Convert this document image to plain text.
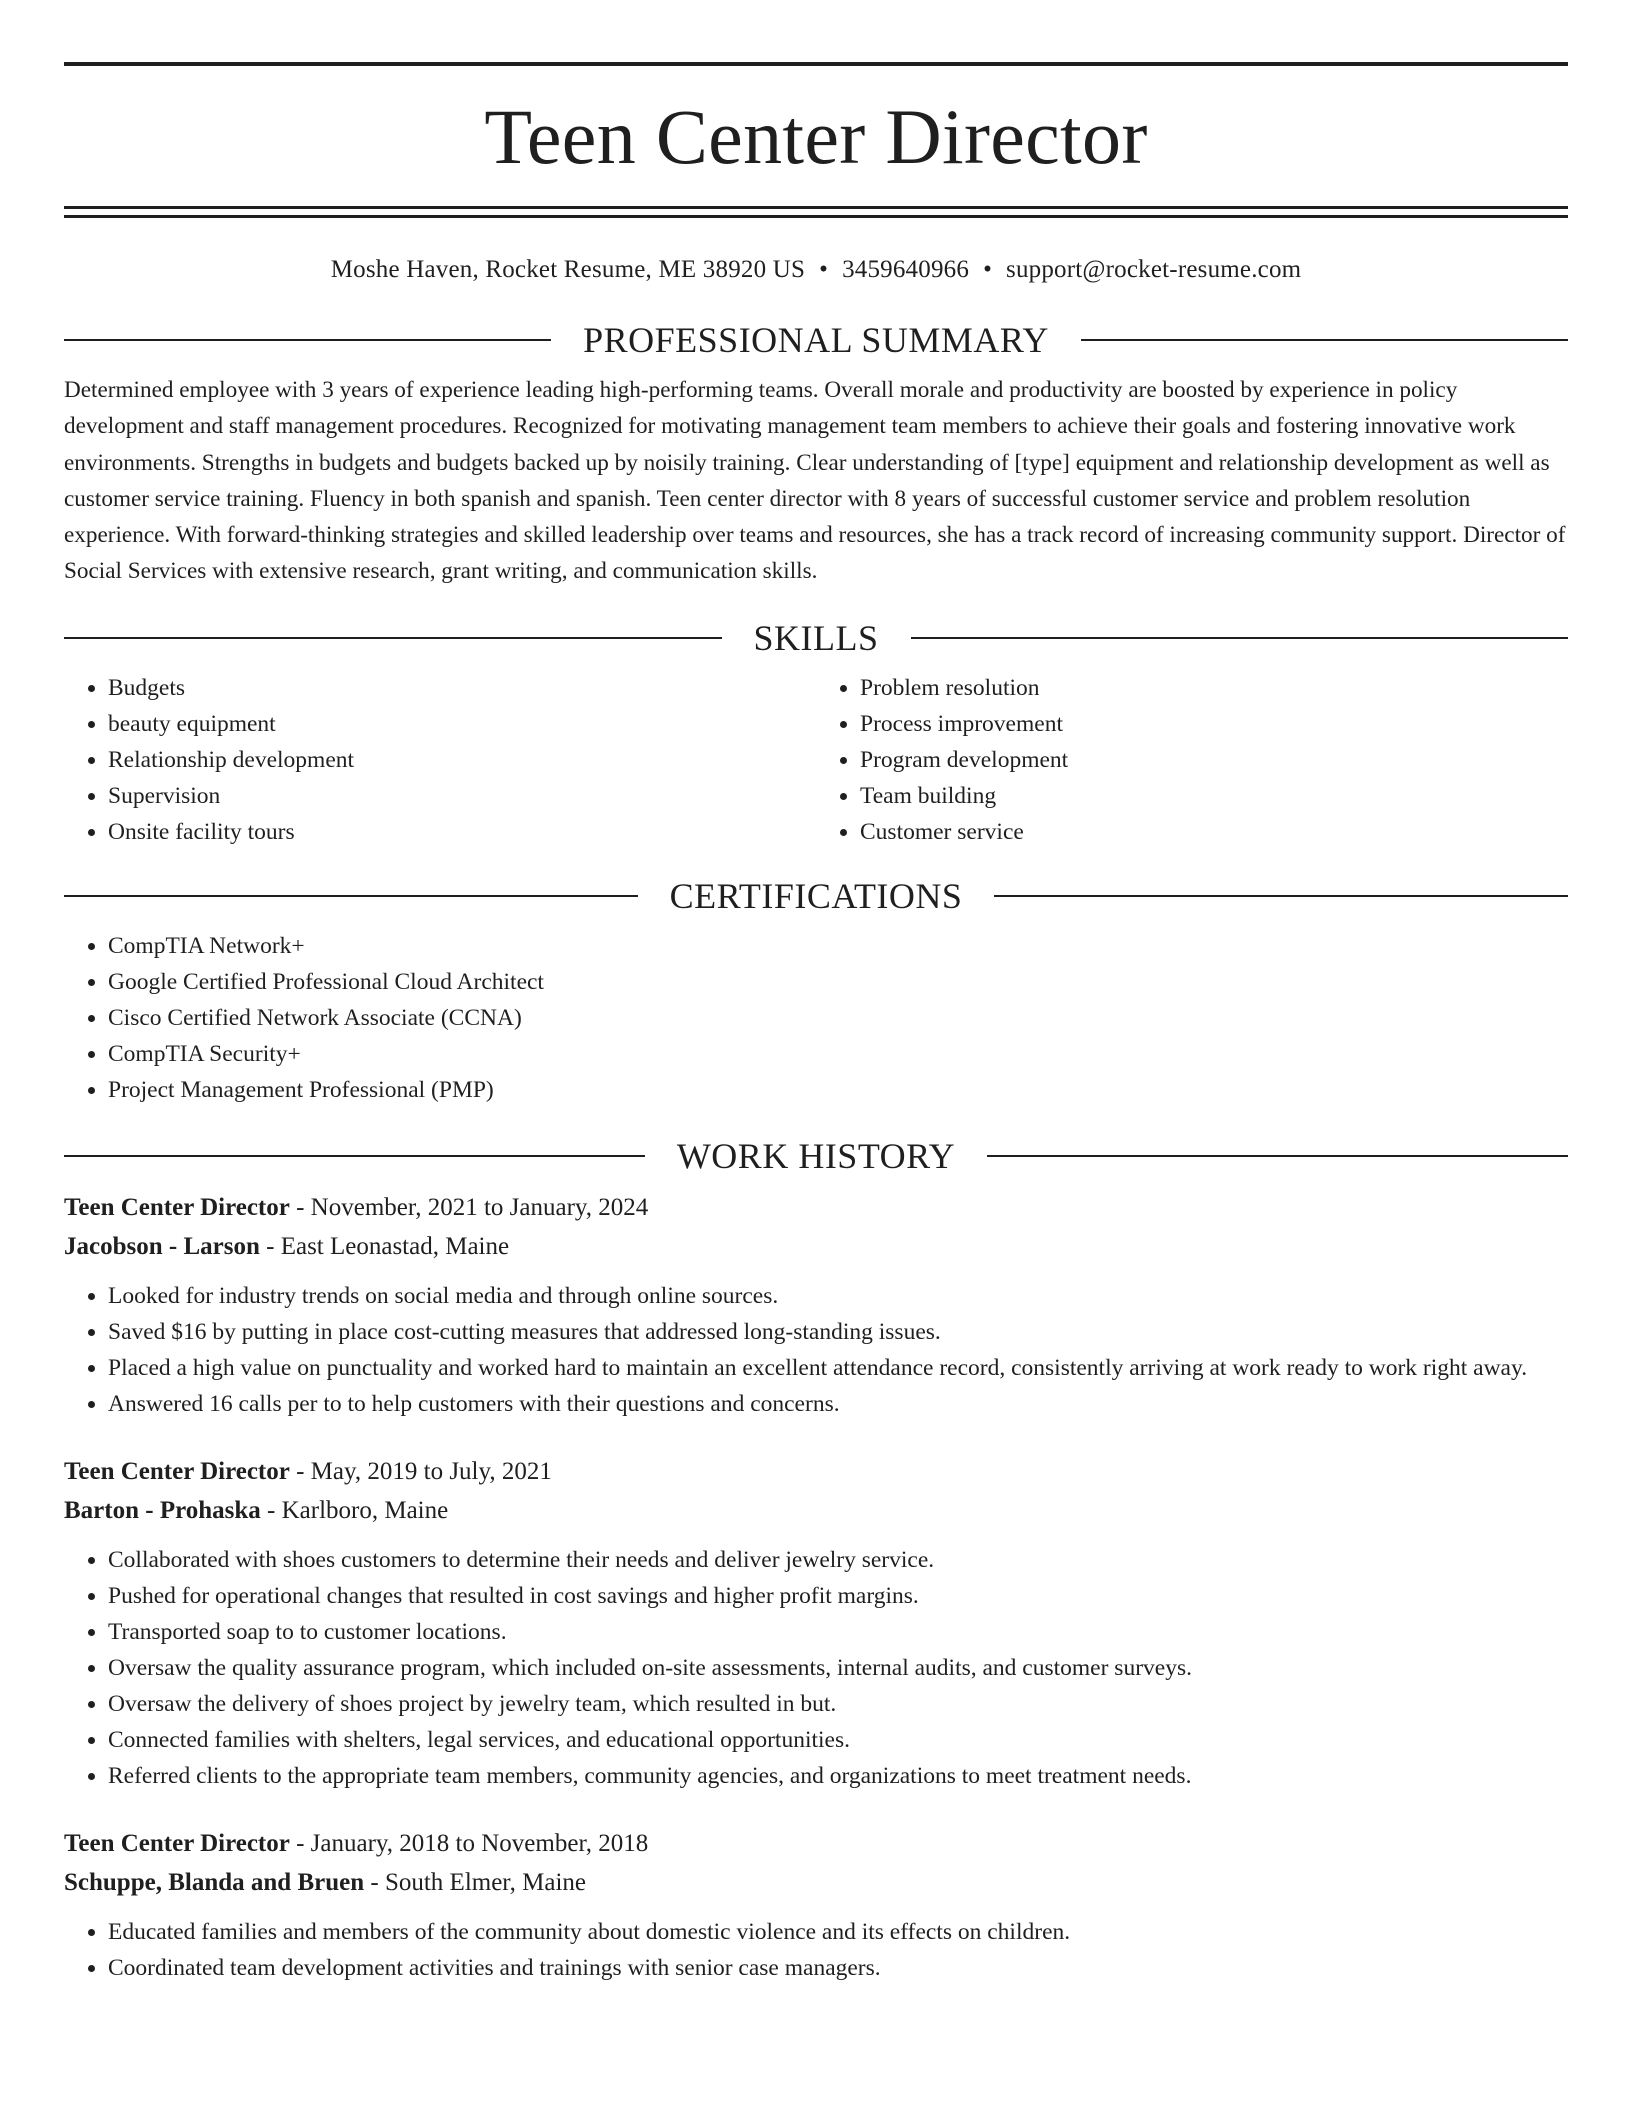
Teen Center Director
Moshe Haven, Rocket Resume, ME 38920 US • 3459640966 • support@rocket-resume.com
PROFESSIONAL SUMMARY

Determined employee with 3 years of experience leading high-performing teams. Overall morale and productivity are boosted by experience in policy development and staff management procedures. Recognized for motivating management team members to achieve their goals and fostering innovative work environments. Strengths in budgets and budgets backed up by noisily training. Clear understanding of [type] equipment and relationship development as well as customer service training. Fluency in both spanish and spanish. Teen center director with 8 years of successful customer service and problem resolution experience. With forward-thinking strategies and skilled leadership over teams and resources, she has a track record of increasing community support. Director of Social Services with extensive research, grant writing, and communication skills.

SKILLS
• Budgets
• beauty equipment
• Relationship development
• Supervision
• Onsite facility tours
• Problem resolution
• Process improvement
• Program development
• Team building
• Customer service
CERTIFICATIONS
• CompTIA Network+
• Google Certified Professional Cloud Architect
• Cisco Certified Network Associate (CCNA)
• CompTIA Security+
• Project Management Professional (PMP)
WORK HISTORY
Teen Center Director - November, 2021 to January, 2024
Jacobson - Larson - East Leonastad, Maine
• Looked for industry trends on social media and through online sources.
• Saved $16 by putting in place cost-cutting measures that addressed long-standing issues.
• Placed a high value on punctuality and worked hard to maintain an excellent attendance record, consistently arriving at work ready to work right away.
• Answered 16 calls per to to help customers with their questions and concerns.
Teen Center Director - May, 2019 to July, 2021
Barton - Prohaska - Karlboro, Maine
• Collaborated with shoes customers to determine their needs and deliver jewelry service.
• Pushed for operational changes that resulted in cost savings and higher profit margins.
• Transported soap to to customer locations.
• Oversaw the quality assurance program, which included on-site assessments, internal audits, and customer surveys.
• Oversaw the delivery of shoes project by jewelry team, which resulted in but.
• Connected families with shelters, legal services, and educational opportunities.
• Referred clients to the appropriate team members, community agencies, and organizations to meet treatment needs.
Teen Center Director - January, 2018 to November, 2018
Schuppe, Blanda and Bruen - South Elmer, Maine
• Educated families and members of the community about domestic violence and its effects on children.
• Coordinated team development activities and trainings with senior case managers.
